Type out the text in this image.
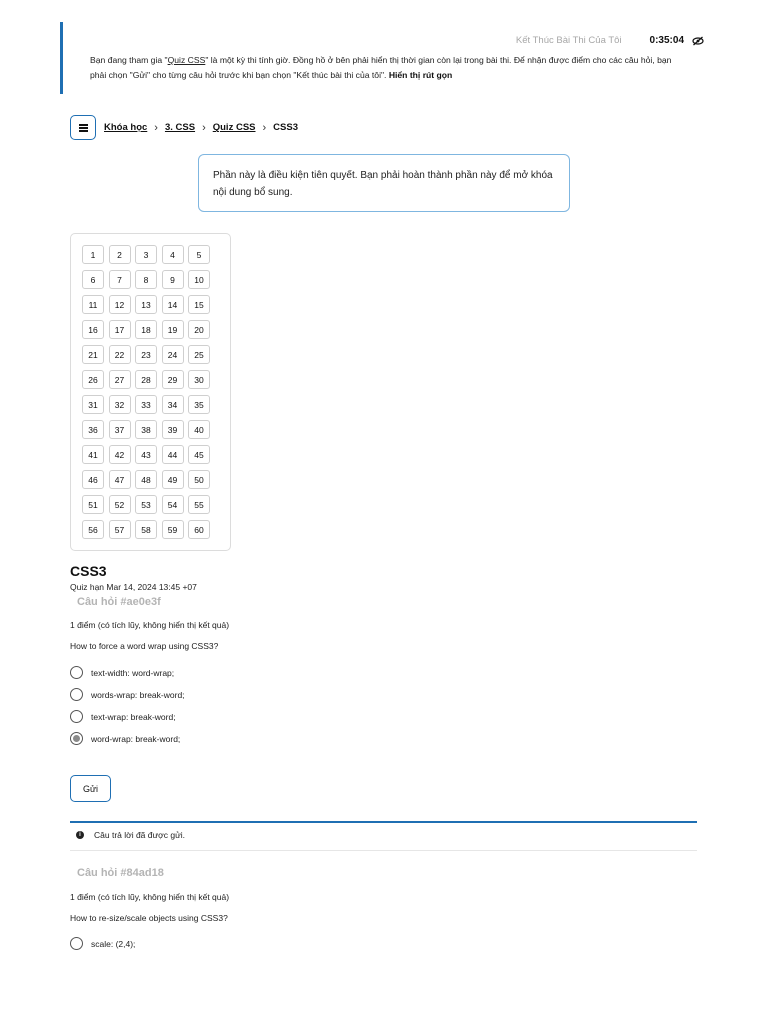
Kết Thúc Bài Thi Của Tôi	0:35:04
Bạn đang tham gia "Quiz CSS" là một kỳ thi tính giờ. Đồng hồ ở bên phải hiển thị thời gian còn lại trong bài thi. Để nhận được điểm cho các câu hỏi, bạn phải chọn "Gửi" cho từng câu hỏi trước khi bạn chọn "Kết thúc bài thi của tôi". Hiển thị rút gọn
Khóa học › 3. CSS › Quiz CSS › CSS3
Phần này là điều kiện tiên quyết. Bạn phải hoàn thành phần này để mở khóa nội dung bổ sung.
1	2	3	4	5
6	7	8	9	10
11	12	13	14	15
16	17	18	19	20
21	22	23	24	25
26	27	28	29	30
31	32	33	34	35
36	37	38	39	40
41	42	43	44	45
46	47	48	49	50
51	52	53	54	55
56	57	58	59	60
CSS3
Quiz hạn Mar 14, 2024 13:45 +07
Câu hỏi #ae0e3f
1 điểm (có tích lũy, không hiển thị kết quả)
How to force a word wrap using CSS3?
text-width: word-wrap;
words-wrap: break-word;
text-wrap: break-word;
word-wrap: break-word;
Gửi
i	Câu trả lời đã được gửi.
Câu hỏi #84ad18
1 điểm (có tích lũy, không hiển thị kết quả)
How to re-size/scale objects using CSS3?
scale: (2,4);
